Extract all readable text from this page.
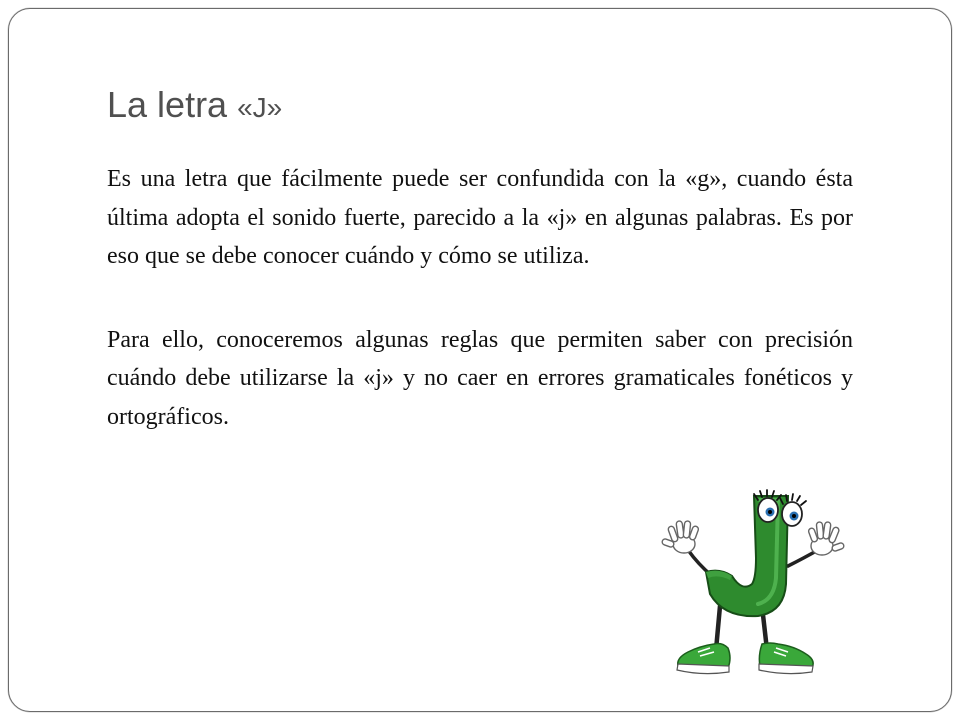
La letra «J»

Es una letra que fácilmente puede ser confundida con la «g», cuando ésta última adopta el sonido fuerte, parecido a la «j» en algunas palabras. Es por eso que se debe conocer cuándo y cómo se utiliza.

Para ello, conoceremos algunas reglas que permiten saber con precisión cuándo debe utilizarse la «j» y no caer en errores gramaticales fonéticos y ortográficos.
